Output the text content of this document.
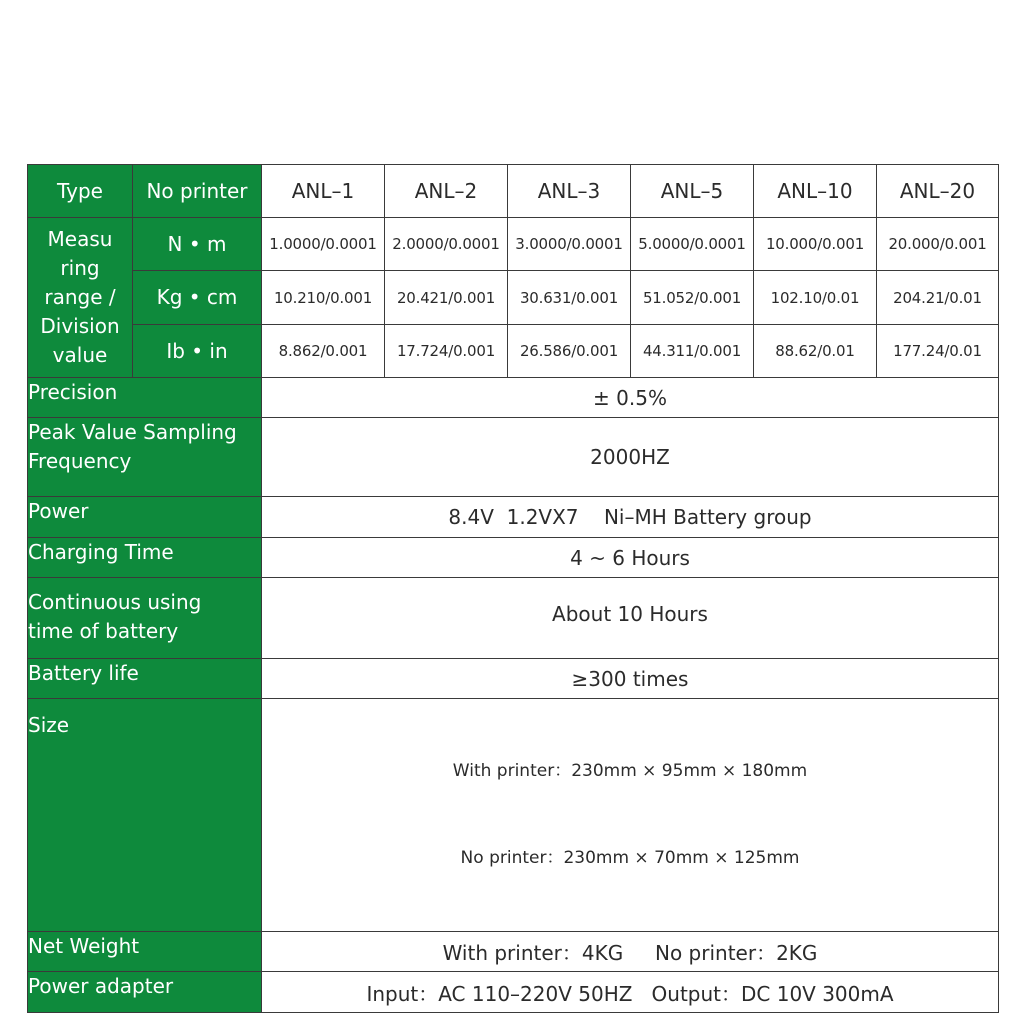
Type	No printer	ANL–1	ANL–2	ANL–3	ANL–5	ANL–10	ANL–20

Measu
ring
range /
Division
value	N • m	1.0000/0.0001	2.0000/0.0001	3.0000/0.0001	5.0000/0.0001	10.000/0.001	20.000/0.001
	Kg • cm	10.210/0.001	20.421/0.001	30.631/0.001	51.052/0.001	102.10/0.01	204.21/0.01
	Ib • in	8.862/0.001	17.724/0.001	26.586/0.001	44.311/0.001	88.62/0.01	177.24/0.01
Precision		± 0.5%					

Peak Value Sampling
Frequency		2000HZ					
Power		8.4V  1.2VX7    Ni–MH Battery group					
Charging Time		4 ~ 6 Hours					

Continuous using
time of battery		About 10 Hours					
Battery life		≥300 times					
Size		With printer：230mm × 95mm × 180mm

No printer：230mm × 70mm × 125mm					

Net Weight		With printer：4KG     No printer：2KG					
Power adapter		Input：AC 110–220V 50HZ   Output：DC 10V 300mA					
